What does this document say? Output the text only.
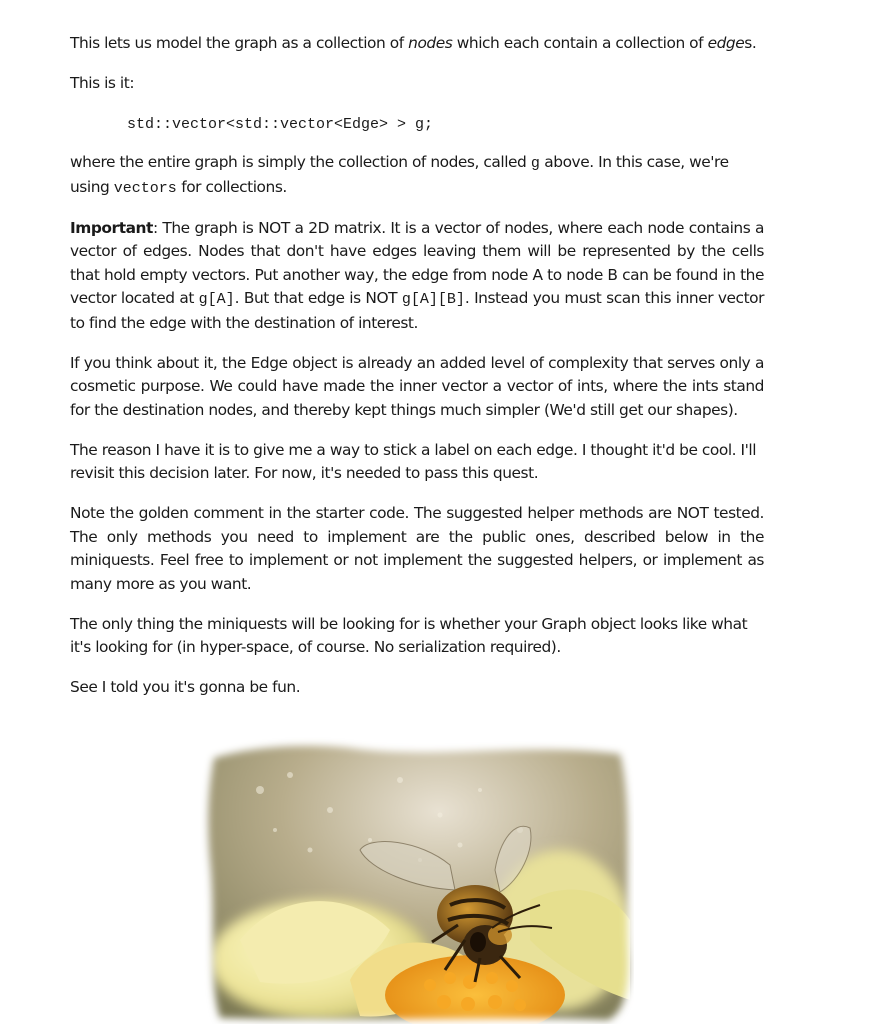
This lets us model the graph as a collection of nodes which each contain a collection of edges.

This is it:

std::vector<std::vector<Edge> > g;

where the entire graph is simply the collection of nodes, called g above. In this case, we're using vectors for collections.

Important: The graph is NOT a 2D matrix. It is a vector of nodes, where each node contains a vector of edges. Nodes that don't have edges leaving them will be represented by the cells that hold empty vectors. Put another way, the edge from node A to node B can be found in the vector located at g[A]. But that edge is NOT g[A][B]. Instead you must scan this inner vector to find the edge with the destination of interest.

If you think about it, the Edge object is already an added level of complexity that serves only a cosmetic purpose. We could have made the inner vector a vector of ints, where the ints stand for the destination nodes, and thereby kept things much simpler (We'd still get our shapes).

The reason I have it is to give me a way to stick a label on each edge. I thought it'd be cool. I'll revisit this decision later. For now, it's needed to pass this quest.

Note the golden comment in the starter code. The suggested helper methods are NOT tested. The only methods you need to implement are the public ones, described below in the miniquests. Feel free to implement or not implement the suggested helpers, or implement as many more as you want.

The only thing the miniquests will be looking for is whether your Graph object looks like what it's looking for (in hyper-space, of course. No serialization required).

See I told you it's gonna be fun.
